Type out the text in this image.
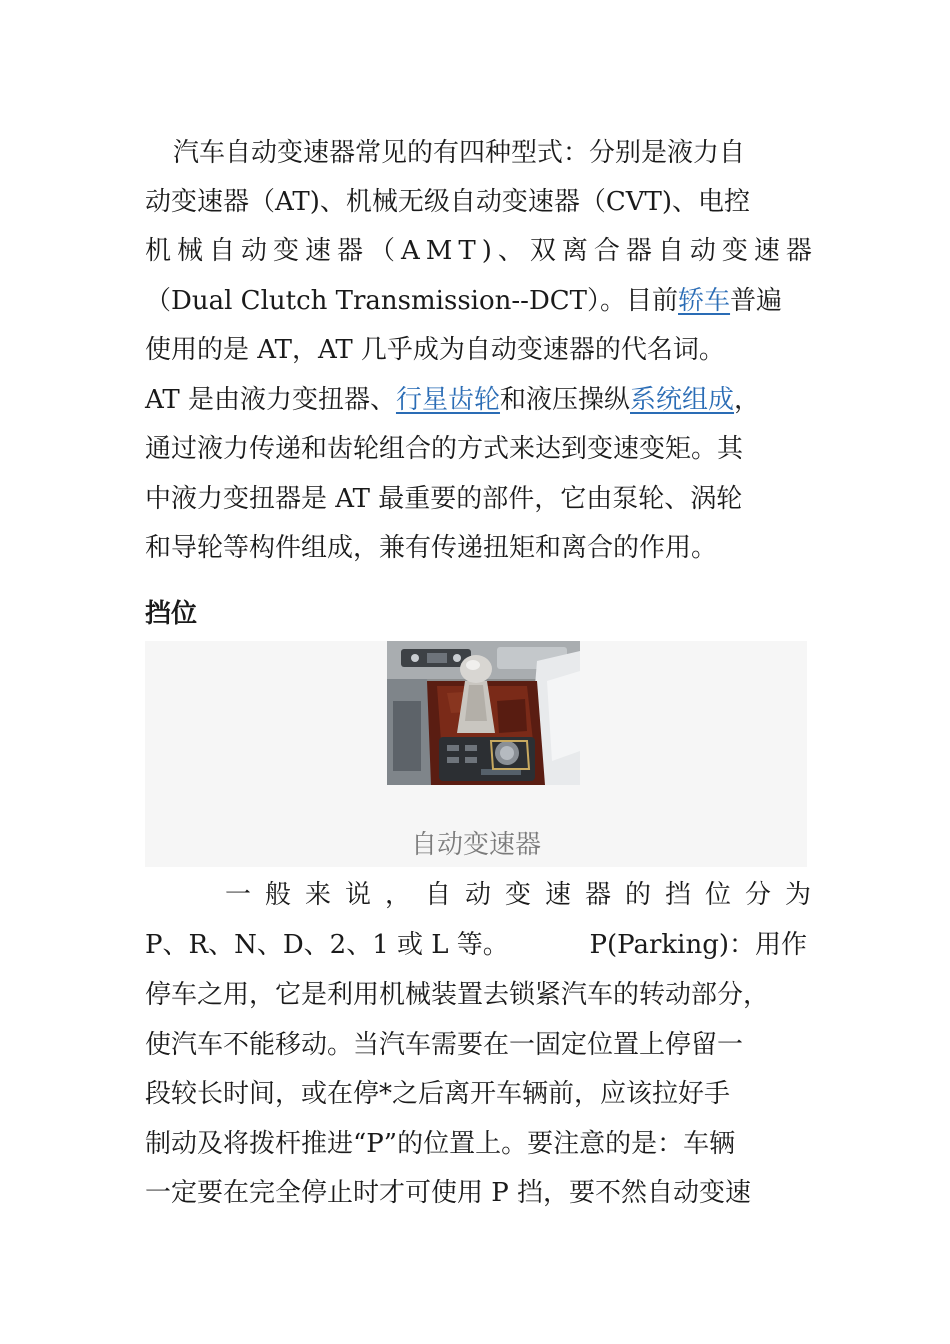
汽车自动变速器常见的有四种型式：分别是液力自
动变速器（AT)、机械无级自动变速器（CVT)、电控
机械自动变速器（AMT)、双离合器自动变速器
（Dual Clutch Transmission--DCT）。目前轿车普遍
使用的是 AT，AT 几乎成为自动变速器的代名词。
AT 是由液力变扭器、行星齿轮和液压操纵系统组成，
通过液力传递和齿轮组合的方式来达到变速变矩。其
中液力变扭器是 AT 最重要的部件，它由泵轮、涡轮
和导轮等构件组成，兼有传递扭矩和离合的作用。
挡位
自动变速器
一般来说，自动变速器的挡位分为
P、R、N、D、2、1 或 L 等。	P(Parking)：用作
停车之用，它是利用机械装置去锁紧汽车的转动部分，
使汽车不能移动。当汽车需要在一固定位置上停留一
段较长时间，或在停*之后离开车辆前，应该拉好手
制动及将拨杆推进“P”的位置上。要注意的是：车辆
一定要在完全停止时才可使用 P 挡，要不然自动变速
